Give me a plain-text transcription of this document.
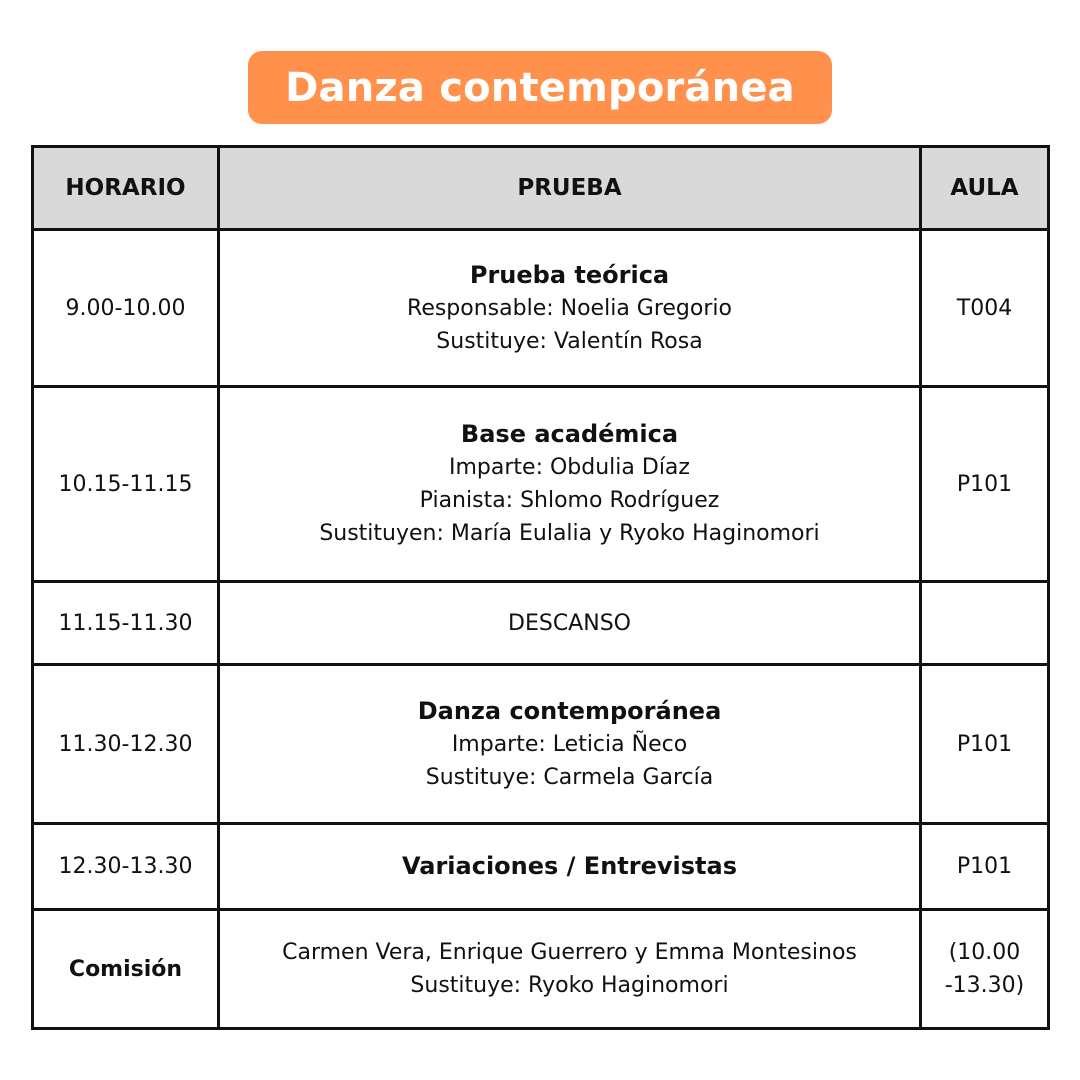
Danza contemporánea
HORARIO	PRUEBA	AULA
9.00-10.00	Prueba teórica
Responsable: Noelia Gregorio
Sustituye: Valentín Rosa	T004
10.15-11.15	Base académica
Imparte: Obdulia Díaz
Pianista: Shlomo Rodríguez
Sustituyen: María Eulalia y Ryoko Haginomori	P101
11.15-11.30	DESCANSO	
11.30-12.30	Danza contemporánea
Imparte: Leticia Ñeco
Sustituye: Carmela García	P101
12.30-13.30	Variaciones / Entrevistas	P101
Comisión	Carmen Vera, Enrique Guerrero y Emma Montesinos
Sustituye: Ryoko Haginomori	(10.00
-13.30)
